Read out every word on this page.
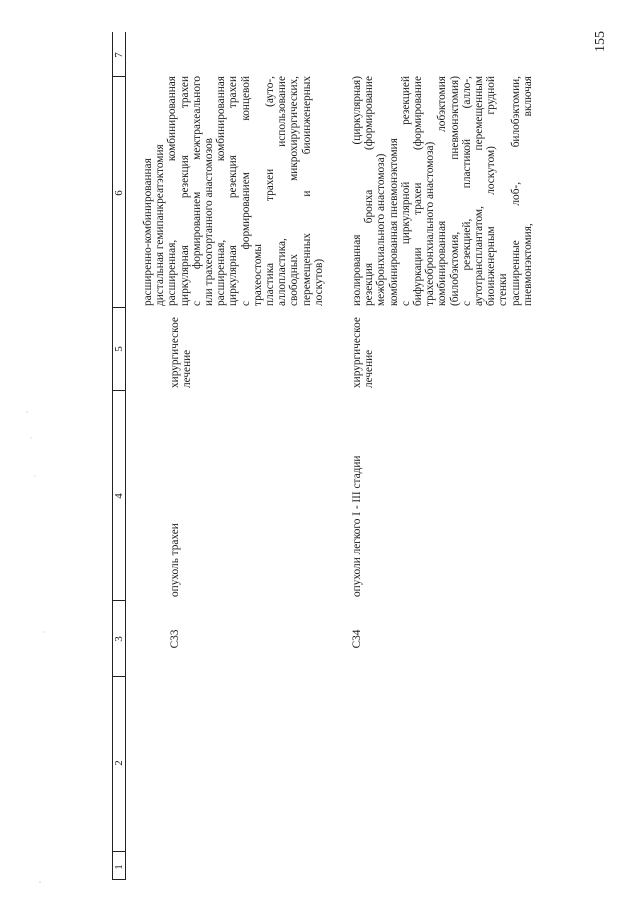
155
1
2
3
4
5
6
7
C33
опухоль трахеи
хирургическое лечение
расширенно-комбинированная дистальная гемипанкреатэктомия расширенная, комбинированная циркулярная резекция трахеи с формированием межтрахеального или трахеогортанного анастомозов расширенная, комбинированная циркулярная резекция трахеи с формированием концевой трахеостомы пластика трахеи (ауто-, аллопластика, использование свободных микрохирургических, перемещенных и биоинженерных лоскутов)
C34
опухоли легкого I - III стадии
хирургическое лечение
изолированная (циркулярная) резекция бронха (формирование межбронхиального анастомоза) комбинированная пневмонэктомия с циркулярной резекцией бифуркации трахеи (формирование трахеобронхиального анастомоза) комбинированная лобэктомия (билобэктомия, пневмонэктомия) с резекцией, пластикой (алло-, аутотрансплантатом, перемещенным биоинженерным лоскутом) грудной стенки расширенные лоб-, билобэктомии, пневмонэктомия, включая
